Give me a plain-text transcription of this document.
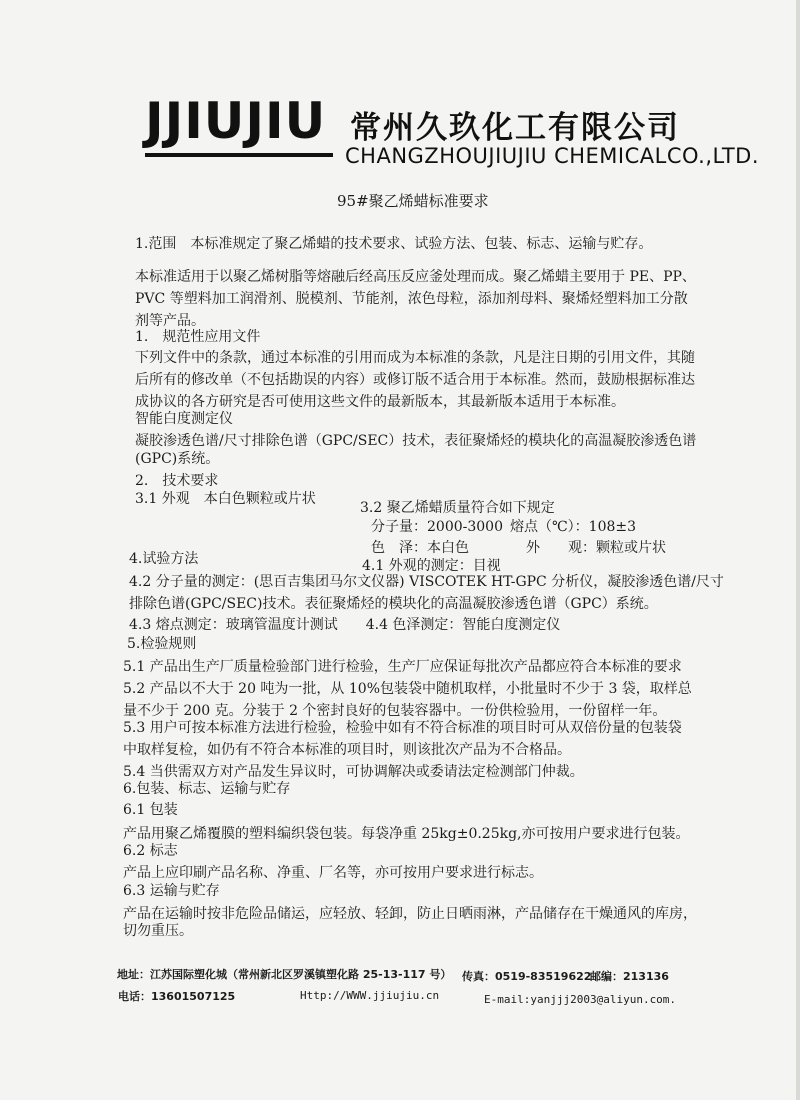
JJIUJIU 常州久玖化工有限公司
CHANGZHOUJIUJIU CHEMICALCO.,LTD.
95#聚乙烯蜡标准要求
1.范围　本标准规定了聚乙烯蜡的技术要求、试验方法、包装、标志、运输与贮存。
本标准适用于以聚乙烯树脂等熔融后经高压反应釜处理而成。聚乙烯蜡主要用于 PE、PP、
PVC 等塑料加工润滑剂、脱模剂、节能剂，浓色母粒，添加剂母料、聚烯烃塑料加工分散
剂等产品。
1.　规范性应用文件
下列文件中的条款，通过本标准的引用而成为本标准的条款，凡是注日期的引用文件，其随
后所有的修改单（不包括勘误的内容）或修订版不适合用于本标准。然而，鼓励根据标准达
成协议的各方研究是否可使用这些文件的最新版本，其最新版本适用于本标准。
智能白度测定仪
凝胶渗透色谱/尺寸排除色谱（GPC/SEC）技术，表征聚烯烃的模块化的高温凝胶渗透色谱
(GPC)系统。
2.　技术要求
3.1 外观　本白色颗粒或片状
3.2 聚乙烯蜡质量符合如下规定
分子量：2000-3000 熔点（℃）：108±3
色　泽：本白色	外　　观：颗粒或片状
4.试验方法	4.1 外观的测定：目视
4.2 分子量的测定：(思百吉集团马尔文仪器) VISCOTEK HT-GPC 分析仪，凝胶渗透色谱/尺寸
排除色谱(GPC/SEC)技术。表征聚烯烃的模块化的高温凝胶渗透色谱（GPC）系统。
4.3 熔点测定：玻璃管温度计测试　　4.4 色泽测定：智能白度测定仪
5.检验规则
5.1 产品出生产厂质量检验部门进行检验，生产厂应保证每批次产品都应符合本标准的要求
5.2 产品以不大于 20 吨为一批，从 10%包装袋中随机取样，小批量时不少于 3 袋，取样总
量不少于 200 克。分装于 2 个密封良好的包装容器中。一份供检验用，一份留样一年。
5.3 用户可按本标准方法进行检验，检验中如有不符合标准的项目时可从双倍份量的包装袋
中取样复检，如仍有不符合本标准的项目时，则该批次产品为不合格品。
5.4 当供需双方对产品发生异议时，可协调解决或委请法定检测部门仲裁。
6.包装、标志、运输与贮存
6.1 包装
产品用聚乙烯覆膜的塑料编织袋包装。每袋净重 25kg±0.25kg,亦可按用户要求进行包装。
6.2 标志
产品上应印刷产品名称、净重、厂名等，亦可按用户要求进行标志。
6.3 运输与贮存
产品在运输时按非危险品储运，应轻放、轻卸，防止日晒雨淋，产品储存在干燥通风的库房，
切勿重压。
地址：江苏国际塑化城（常州新北区罗溪镇塑化路 25-13-117 号） 传真：0519-83519622
邮编：213136
电话：13601507125	Http://WWW.jjiujiu.cn	E-mail:yanjjj2003@aliyun.com.
